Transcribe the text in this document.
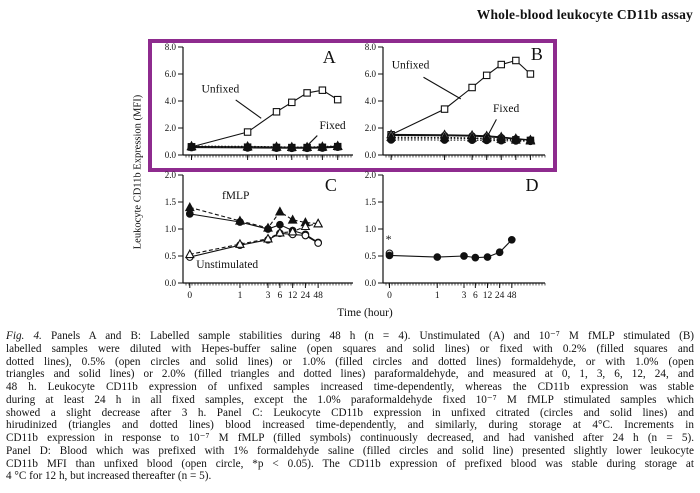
Whole-blood leukocyte CD11b assay
Leukocyte CD11b Expression (MFI) 0.0
2.0
4.0
6.0
8.0
A
Unfixed
Fixed
0.0
2.0
4.0
6.0
8.0	B
Unfixed
Fixed
0.0
0.5
1.0
1.5
2.0
0	1 3 6 12 24 48
C
fMLP
Unstimulated
0.0
0.5
1.0
1.5
2.0
0	1 3 6 12 24 48
D
*
Time (hour)
Fig. 4. Panels A and B: Labelled sample stabilities during 48 h (n = 4). Unstimulated (A) and 10⁻⁷ M fMLP stimulated (B)
labelled samples were diluted with Hepes-buffer saline (open squares and solid lines) or fixed with 0.2% (filled squares and
dotted lines), 0.5% (open circles and solid lines) or 1.0% (filled circles and dotted lines) formaldehyde, or with 1.0% (open
triangles and solid lines) or 2.0% (filled triangles and dotted lines) paraformaldehyde, and measured at 0, 1, 3, 6, 12, 24, and
48 h. Leukocyte CD11b expression of unfixed samples increased time-dependently, whereas the CD11b expression was stable
during at least 24 h in all fixed samples, except the 1.0% paraformaldehyde fixed 10⁻⁷ M fMLP stimulated samples which
showed a slight decrease after 3 h. Panel C: Leukocyte CD11b expression in unfixed citrated (circles and solid lines) and
hirudinized (triangles and dotted lines) blood increased time-dependently, and similarly, during storage at 4°C. Increments in
CD11b expression in response to 10⁻⁷ M fMLP (filled symbols) continuously decreased, and had vanished after 24 h (n = 5).
Panel D: Blood which was prefixed with 1% formaldehyde saline (filled circles and solid line) presented slightly lower leukocyte
CD11b MFI than unfixed blood (open circle, *p < 0.05). The CD11b expression of prefixed blood was stable during storage at
4 °C for 12 h, but increased thereafter (n = 5).
